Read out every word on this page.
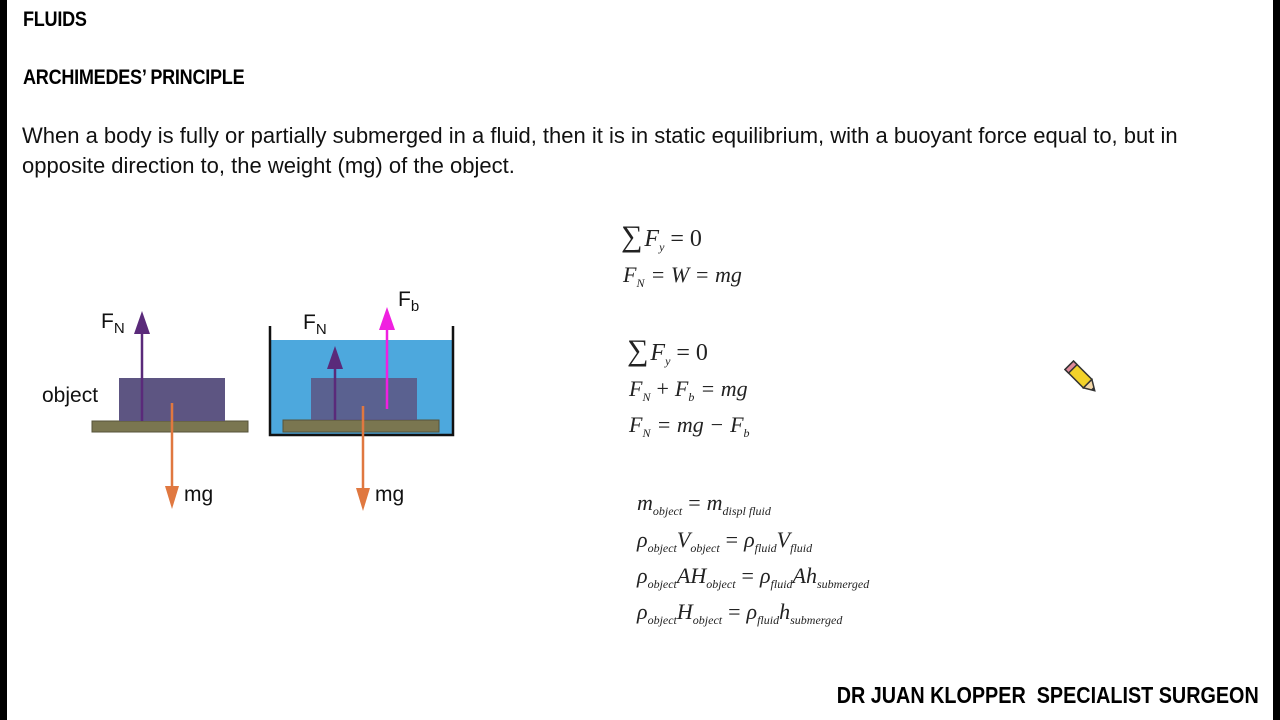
FLUIDS
ARCHIMEDES’ PRINCIPLE

When a body is fully or partially submerged in a fluid, then it is in static equilibrium, with a buoyant force equal to, but in opposite direction to, the weight (mg) of the object.

object
$F_N$
mg
$F_N$
$F_b$
mg
$\sum F_y = 0$
$F_N = W$ = mg
$\sum F_y = 0$
$F_N + F_b$ = mg
$F_N$ = mg − $F_b$
$m_{object} = m_{displ fluid}$
$\rho_{object}V_{object} = \rho_{fluid}V_{fluid}$
$\rho_{object}AH_{object} = \rho_{fluid}Ah_{submerged}$
$\rho_{object}H_{object} = \rho_{fluid}h_{submerged}$
DR JUAN KLOPPER  SPECIALIST SURGEON
